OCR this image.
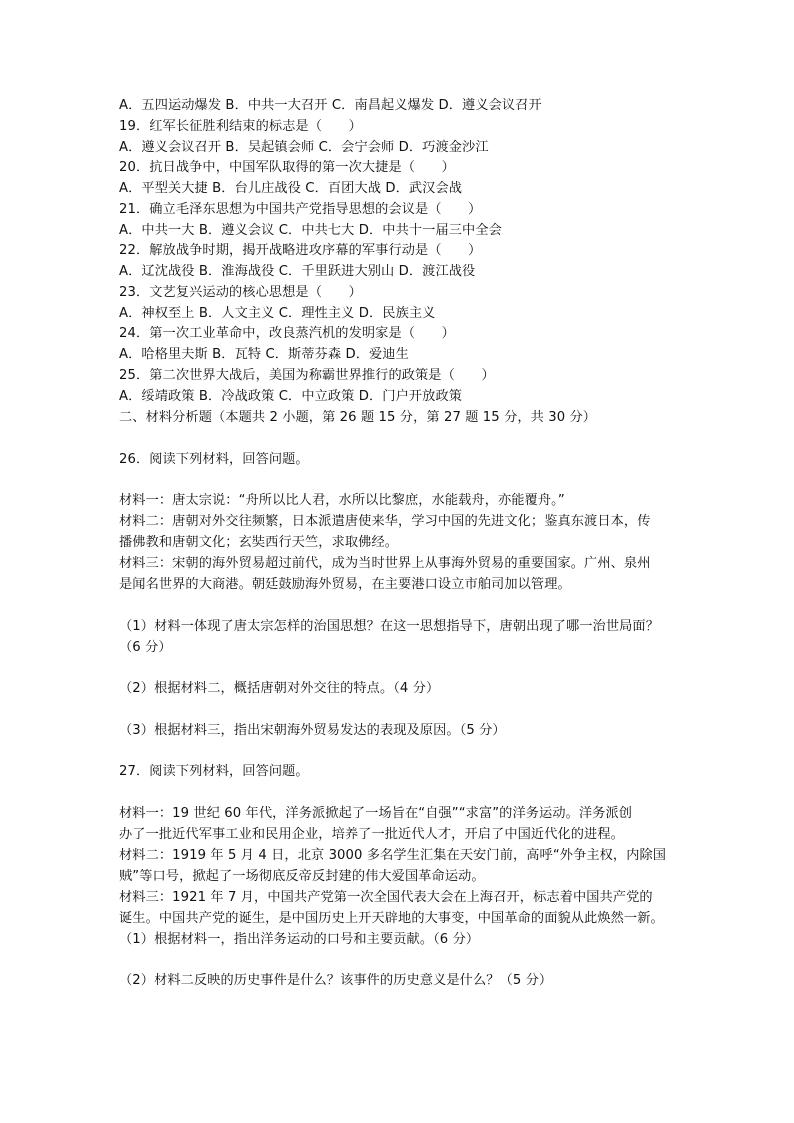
A．五四运动爆发 B．中共一大召开 C．南昌起义爆发 D．遵义会议召开
19．红军长征胜利结束的标志是（　　）
A．遵义会议召开 B．吴起镇会师 C．会宁会师 D．巧渡金沙江
20．抗日战争中，中国军队取得的第一次大捷是（　　）
A．平型关大捷 B．台儿庄战役 C．百团大战 D．武汉会战
21．确立毛泽东思想为中国共产党指导思想的会议是（　　）
A．中共一大 B．遵义会议 C．中共七大 D．中共十一届三中全会
22．解放战争时期，揭开战略进攻序幕的军事行动是（　　）
A．辽沈战役 B．淮海战役 C．千里跃进大别山 D．渡江战役
23．文艺复兴运动的核心思想是（　　）
A．神权至上 B．人文主义 C．理性主义 D．民族主义
24．第一次工业革命中，改良蒸汽机的发明家是（　　）
A．哈格里夫斯 B．瓦特 C．斯蒂芬森 D．爱迪生
25．第二次世界大战后，美国为称霸世界推行的政策是（　　）
A．绥靖政策 B．冷战政策 C．中立政策 D．门户开放政策
二、材料分析题（本题共 2 小题，第 26 题 15 分，第 27 题 15 分，共 30 分）
26．阅读下列材料，回答问题。
材料一：唐太宗说：“舟所以比人君，水所以比黎庶，水能载舟，亦能覆舟。”
材料二：唐朝对外交往频繁，日本派遣唐使来华，学习中国的先进文化；鉴真东渡日本，传
播佛教和唐朝文化；玄奘西行天竺，求取佛经。
材料三：宋朝的海外贸易超过前代，成为当时世界上从事海外贸易的重要国家。广州、泉州
是闻名世界的大商港。朝廷鼓励海外贸易，在主要港口设立市舶司加以管理。
（1）材料一体现了唐太宗怎样的治国思想？在这一思想指导下，唐朝出现了哪一治世局面？
（6 分）
（2）根据材料二，概括唐朝对外交往的特点。（4 分）
（3）根据材料三，指出宋朝海外贸易发达的表现及原因。（5 分）
27．阅读下列材料，回答问题。
材料一：19 世纪 60 年代，洋务派掀起了一场旨在“自强”“求富”的洋务运动。洋务派创
办了一批近代军事工业和民用企业，培养了一批近代人才，开启了中国近代化的进程。
材料二：1919 年 5 月 4 日，北京 3000 多名学生汇集在天安门前，高呼“外争主权，内除国
贼”等口号，掀起了一场彻底反帝反封建的伟大爱国革命运动。
材料三：1921 年 7 月，中国共产党第一次全国代表大会在上海召开，标志着中国共产党的
诞生。中国共产党的诞生，是中国历史上开天辟地的大事变，中国革命的面貌从此焕然一新。
（1）根据材料一，指出洋务运动的口号和主要贡献。（6 分）
（2）材料二反映的历史事件是什么？该事件的历史意义是什么？（5 分）
